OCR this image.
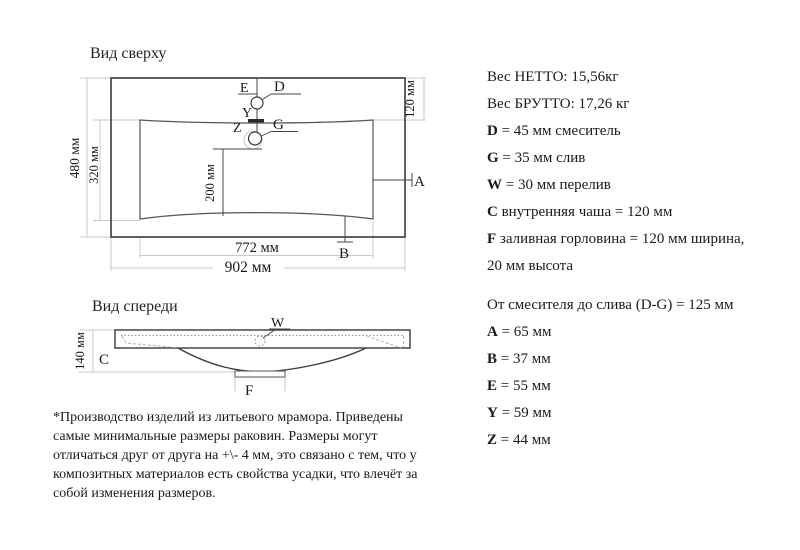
Вид сверху
Вид спереди
480 мм 320 мм
120 мм
200 мм
772 мм
902 мм
E D
Y
Z G
A
B
140 мм
W
C
F
Вес НЕТТО: 15,56кг
Вес БРУТТО: 17,26 кг
D = 45 мм смеситель
G = 35 мм слив
W = 30 мм перелив
C внутренняя чаша = 120 мм
F заливная горловина = 120 мм ширина,
20 мм высота
От смесителя до слива (D-G) = 125 мм
A = 65 мм
B = 37 мм
E = 55 мм
Y = 59 мм
Z = 44 мм
*Производство изделий из литьевого мрамора. Приведены
самые минимальные размеры раковин. Размеры могут
отличаться друг от друга на +\- 4 мм, это связано с тем, что у
композитных материалов есть свойства усадки, что влечёт за
собой изменения размеров.
